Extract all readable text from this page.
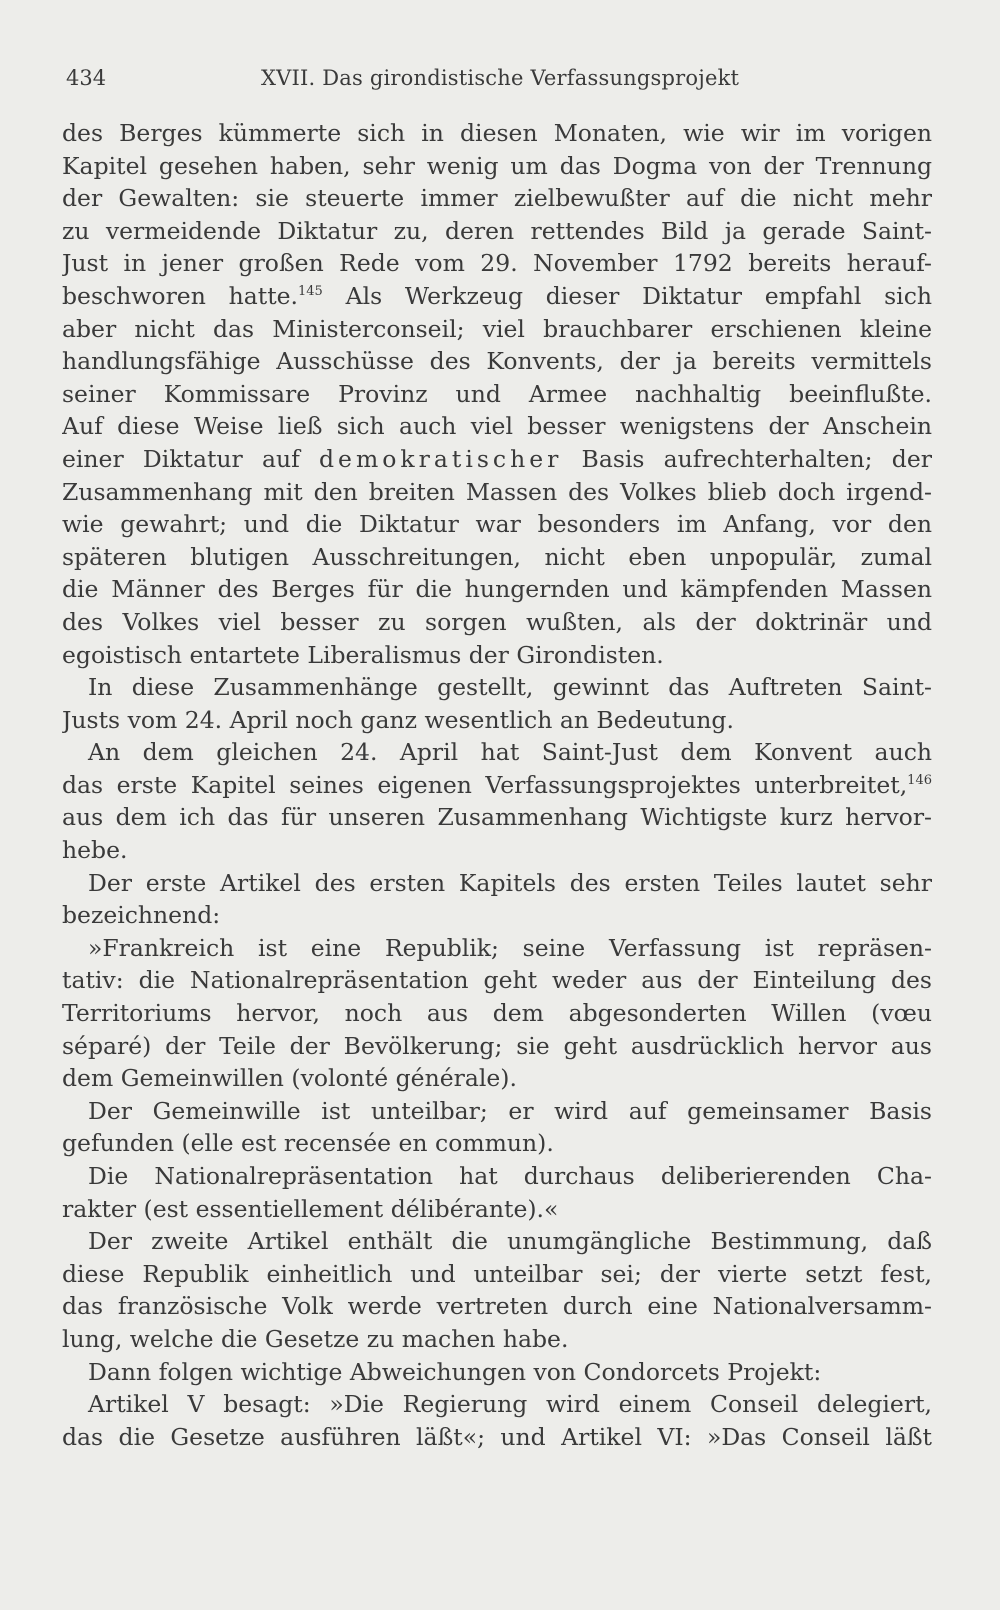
434	XVII. Das girondistische Verfassungsprojekt
des Berges kümmerte sich in diesen Monaten, wie wir im vorigen
Kapitel gesehen haben, sehr wenig um das Dogma von der Trennung
der Gewalten: sie steuerte immer zielbewußter auf die nicht mehr
zu vermeidende Diktatur zu, deren rettendes Bild ja gerade Saint-
Just in jener großen Rede vom 29. November 1792 bereits herauf-
beschworen hatte.$^{145}$ Als Werkzeug dieser Diktatur empfahl sich
aber nicht das Ministerconseil; viel brauchbarer erschienen kleine
handlungsfähige Ausschüsse des Konvents, der ja bereits vermittels
seiner Kommissare Provinz und Armee nachhaltig beeinflußte.
Auf diese Weise ließ sich auch viel besser wenigstens der Anschein
einer Diktatur auf demokratischer Basis aufrechterhalten; der
Zusammenhang mit den breiten Massen des Volkes blieb doch irgend-
wie gewahrt; und die Diktatur war besonders im Anfang, vor den
späteren blutigen Ausschreitungen, nicht eben unpopulär, zumal
die Männer des Berges für die hungernden und kämpfenden Massen
des Volkes viel besser zu sorgen wußten, als der doktrinär und
egoistisch entartete Liberalismus der Girondisten.
In diese Zusammenhänge gestellt, gewinnt das Auftreten Saint-
Justs vom 24. April noch ganz wesentlich an Bedeutung.
An dem gleichen 24. April hat Saint-Just dem Konvent auch
das erste Kapitel seines eigenen Verfassungsprojektes unterbreitet,$^{146}$
aus dem ich das für unseren Zusammenhang Wichtigste kurz hervor-
hebe.
Der erste Artikel des ersten Kapitels des ersten Teiles lautet sehr
bezeichnend:
»Frankreich ist eine Republik; seine Verfassung ist repräsen-
tativ: die Nationalrepräsentation geht weder aus der Einteilung des
Territoriums hervor, noch aus dem abgesonderten Willen (vœu
séparé) der Teile der Bevölkerung; sie geht ausdrücklich hervor aus
dem Gemeinwillen (volonté générale).
Der Gemeinwille ist unteilbar; er wird auf gemeinsamer Basis
gefunden (elle est recensée en commun).
Die Nationalrepräsentation hat durchaus deliberierenden Cha-
rakter (est essentiellement délibérante).«
Der zweite Artikel enthält die unumgängliche Bestimmung, daß
diese Republik einheitlich und unteilbar sei; der vierte setzt fest,
das französische Volk werde vertreten durch eine Nationalversamm-
lung, welche die Gesetze zu machen habe.
Dann folgen wichtige Abweichungen von Condorcets Projekt:
Artikel V besagt: »Die Regierung wird einem Conseil delegiert,
das die Gesetze ausführen läßt«; und Artikel VI: »Das Conseil läßt
